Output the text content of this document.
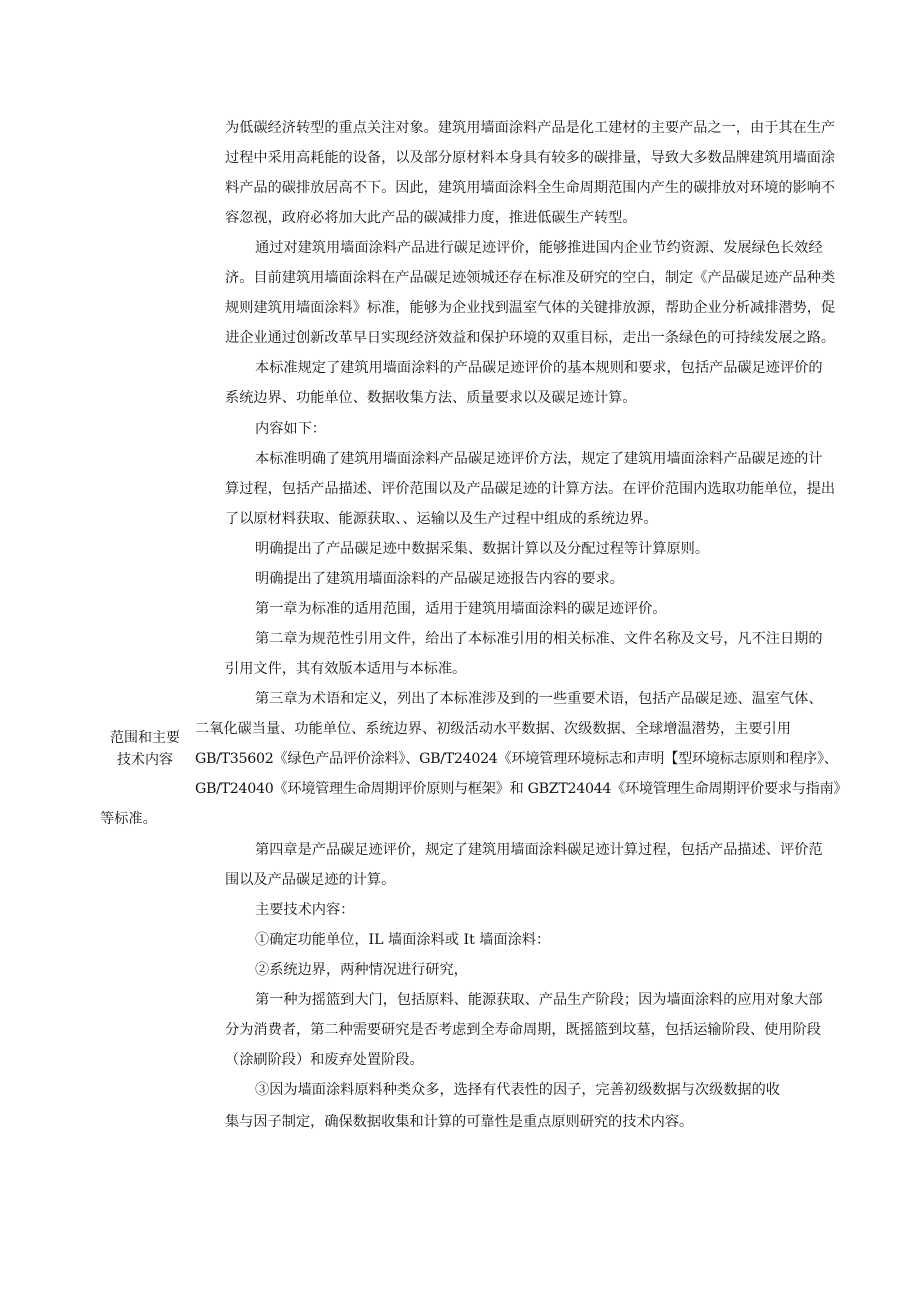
范围和主要
技术内容
为低碳经济转型的重点关注对象。建筑用墙面涂料产品是化工建材的主要产品之一，由于其在生产
过程中采用高耗能的设备，以及部分原材料本身具有较多的碳排量，导致大多数品牌建筑用墙面涂
料产品的碳排放居高不下。因此，建筑用墙面涂料全生命周期范围内产生的碳排放对环境的影响不
容忽视，政府必将加大此产品的碳减排力度，推进低碳生产转型。
通过对建筑用墙面涂料产品进行碳足迹评价，能够推进国内企业节约资源、发展绿色长效经
济。目前建筑用墙面涂料在产品碳足迹领城还存在标准及研究的空白，制定《产品碳足迹产品种类
规则建筑用墙面涂料》标准，能够为企业找到温室气体的关键排放源，帮助企业分析减排潜势，促
进企业通过创新改革早日实现经济效益和保护环境的双重目标，走出一条绿色的可持续发展之路。
本标准规定了建筑用墙面涂料的产品碳足迹评价的基本规则和要求，包括产品碳足迹评价的
系统边界、功能单位、数据收集方法、质量要求以及碳足迹计算。
内容如下：
本标准明确了建筑用墙面涂料产品碳足迹评价方法，规定了建筑用墙面涂料产品碳足迹的计
算过程，包括产品描述、评价范围以及产品碳足迹的计算方法。在评价范围内选取功能单位，提出
了以原材料获取、能源获取、、运输以及生产过程中组成的系统边界。
明确提出了产品碳足迹中数据采集、数据计算以及分配过程等计算原则。
明确提出了建筑用墙面涂料的产品碳足迹报告内容的要求。
第一章为标准的适用范围，适用于建筑用墙面涂料的碳足迹评价。
第二章为规范性引用文件，给出了本标准引用的相关标准、文件名称及文号，凡不注日期的
引用文件，其有效版本适用与本标准。
第三章为术语和定义，列出了本标准涉及到的一些重要术语，包括产品碳足迹、温室气体、
二氧化碳当量、功能单位、系统边界、初级活动水平数据、次级数据、全球增温潜势，主要引用
GB/T35602《绿色产品评价涂料》、GB/T24024《环境管理环境标志和声明【型环境标志原则和程序》、
GB/T24040《环境管理生命周期评价原则与框架》和 GBZT24044《环境管理生命周期评价要求与指南》
等标准。
第四章是产品碳足迹评价，规定了建筑用墙面涂料碳足迹计算过程，包括产品描述、评价范
围以及产品碳足迹的计算。
主要技术内容：
①确定功能单位，IL 墙面涂料或 It 墙面涂料：
②系统边界，两种情况进行研究，
第一种为摇篮到大门，包括原料、能源获取、产品生产阶段；因为墙面涂料的应用对象大部
分为消费者，第二种需要研究是否考虑到全寿命周期，既摇篮到坟墓，包括运输阶段、使用阶段
（涂刷阶段）和废弃处置阶段。
③因为墙面涂料原料种类众多，选择有代表性的因子，完善初级数据与次级数据的收
集与因子制定，确保数据收集和计算的可靠性是重点原则研究的技术内容。
